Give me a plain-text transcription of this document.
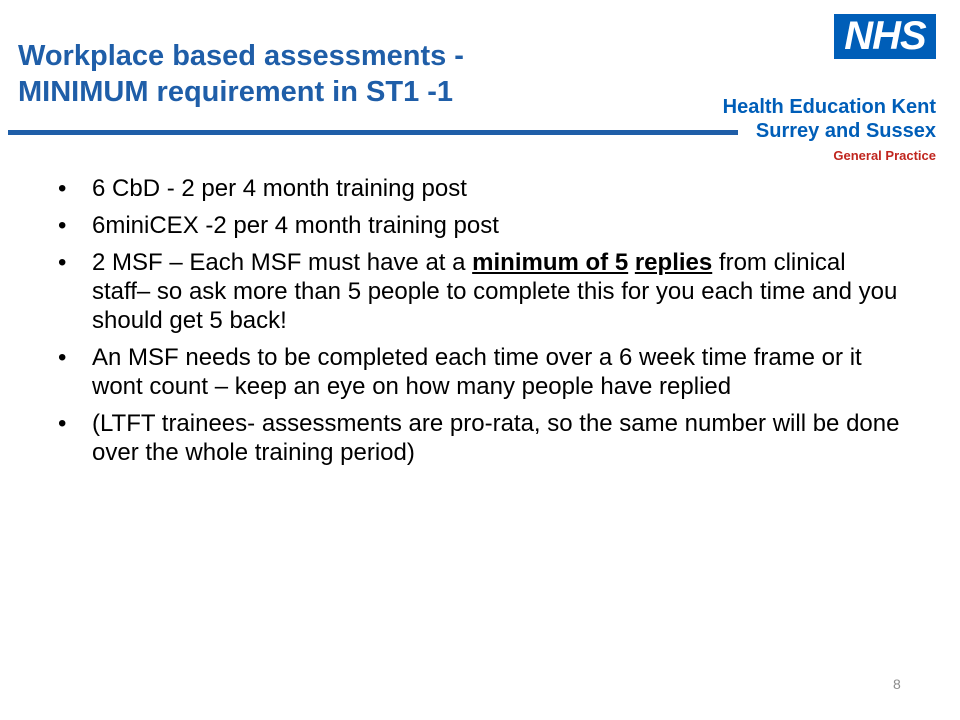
Workplace based assessments -
MINIMUM requirement in ST1 -1
NHS
Health Education Kent
Surrey and Sussex
General Practice
• 6 CbD - 2 per 4 month training post
• 6miniCEX -2 per 4 month training post
• 2 MSF – Each MSF must have at a minimum of 5 replies from clinical staff– so ask more than 5 people to complete this for you each time and you should get 5 back!
• An MSF needs to be completed each time over a 6 week time frame or it wont count – keep an eye on how many people have replied
• (LTFT trainees- assessments are pro-rata, so the same number will be done over the whole training period)
8
